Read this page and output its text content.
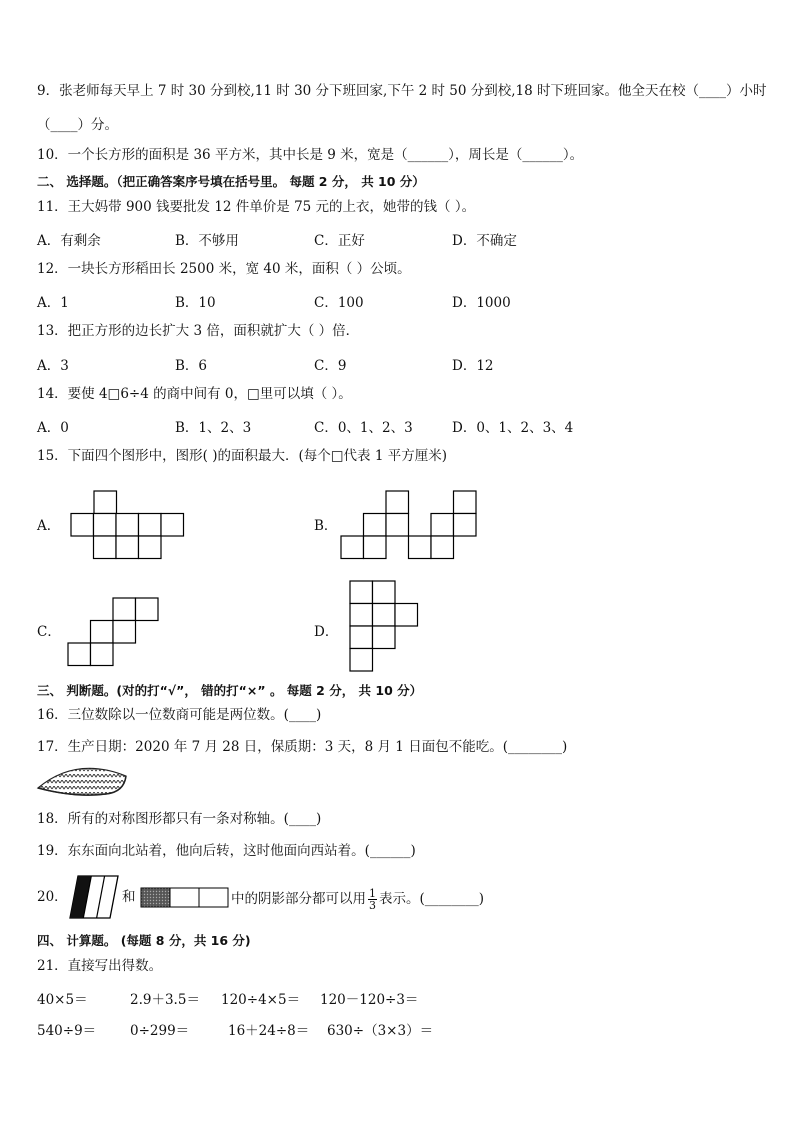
9．张老师每天早上 7 时 30 分到校,11 时 30 分下班回家,下午 2 时 50 分到校,18 时下班回家。他全天在校（____）小时
（____）分。
10．一个长方形的面积是 36 平方米，其中长是 9 米，宽是（______），周长是（______）。
二、 选择题。（把正确答案序号填在括号里。 每题 2 分， 共 10 分）
11．王大妈带 900 钱要批发 12 件单价是 75 元的上衣，她带的钱（ ）。
A．有剩余	B．不够用	C．正好	D．不确定
12．一块长方形稻田长 2500 米，宽 40 米，面积（ ）公顷。
A．1	B．10	C．100	D．1000
13．把正方形的边长扩大 3 倍，面积就扩大（ ）倍．
A．3	B．6	C．9	D．12
14．要使 4□6÷4 的商中间有 0，□里可以填（ ）。
A．0	B．1、2、3	C．0、1、2、3	D．0、1、2、3、4
15．下面四个图形中，图形( )的面积最大．(每个□代表 1 平方厘米)
A．	B．
C．	D．
三、 判断题。(对的打“√”， 错的打“×” 。 每题 2 分， 共 10 分）
16．三位数除以一位数商可能是两位数。(____)
17．生产日期：2020 年 7 月 28 日，保质期：3 天，8 月 1 日面包不能吃。(________)
18．所有的对称图形都只有一条对称轴。(____)
19．东东面向北站着，他向后转，这时他面向西站着。(______)
20．	和	中的阴影部分都可以用 $\frac{1}{3}$ 表示。(________)
四、 计算题。 (每题 8 分，共 16 分)
21．直接写出得数。
40×5＝	2.9＋3.5＝ 120÷4×5＝ 120－120÷3＝
540÷9＝	0÷299＝	16＋24÷8＝ 630÷（3×3）＝
